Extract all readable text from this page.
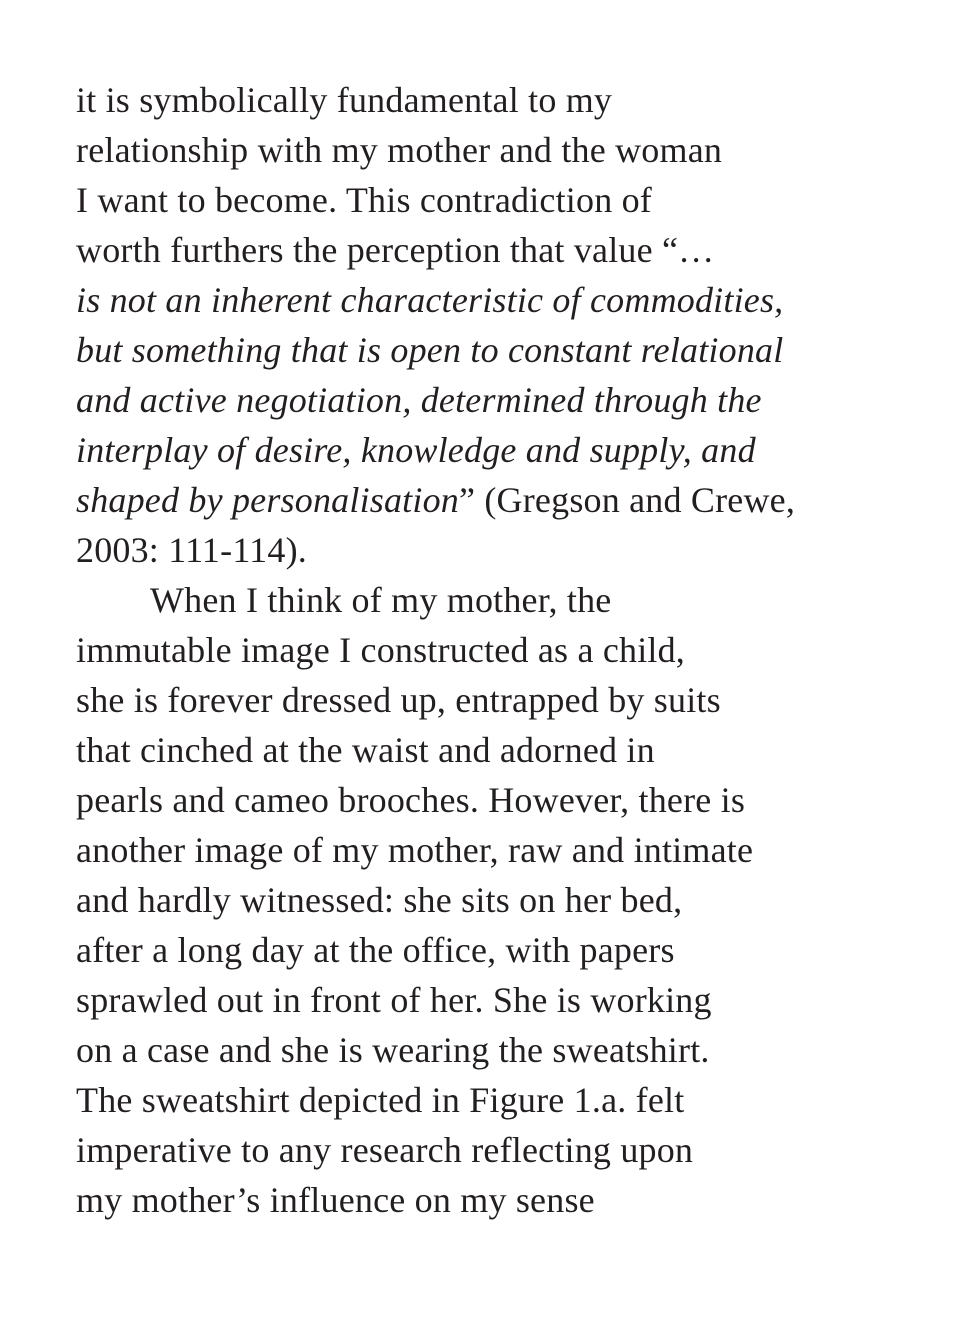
it is symbolically fundamental to my
relationship with my mother and the woman
I want to become. This contradiction of
worth furthers the perception that value “…
is not an inherent characteristic of commodities,
but something that is open to constant relational
and active negotiation, determined through the
interplay of desire, knowledge and supply, and
shaped by personalisation” (Gregson and Crewe,
2003: 111-114).
When I think of my mother, the
immutable image I constructed as a child,
she is forever dressed up, entrapped by suits
that cinched at the waist and adorned in
pearls and cameo brooches. However, there is
another image of my mother, raw and intimate
and hardly witnessed: she sits on her bed,
after a long day at the office, with papers
sprawled out in front of her. She is working
on a case and she is wearing the sweatshirt.
The sweatshirt depicted in Figure 1.a. felt
imperative to any research reflecting upon
my mother’s influence on my sense
